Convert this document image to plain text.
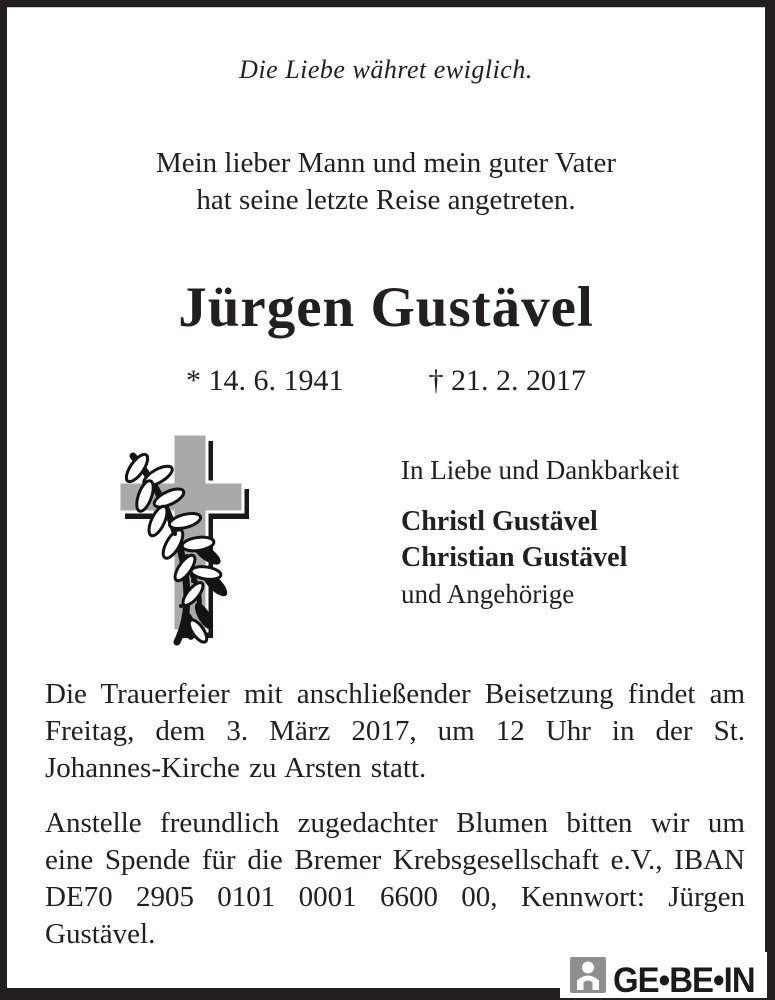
Die Liebe währet ewiglich.
Mein lieber Mann und mein guter Vater
hat seine letzte Reise angetreten.
Jürgen Gustävel
* 14. 6. 1941	† 21. 2. 2017
In Liebe und Dankbarkeit
Christl Gustävel
Christian Gustävel
und Angehörige

Die Trauerfeier mit anschließender Beisetzung findet am Freitag, dem 3. März 2017, um 12 Uhr in der St. Johannes-Kirche zu Arsten statt.

Anstelle freundlich zugedachter Blumen bitten wir um eine Spende für die Bremer Krebsgesellschaft e.V., IBAN DE70 2905 0101 0001 6600 00, Kennwort: Jürgen Gustävel.

GE•BE•IN
